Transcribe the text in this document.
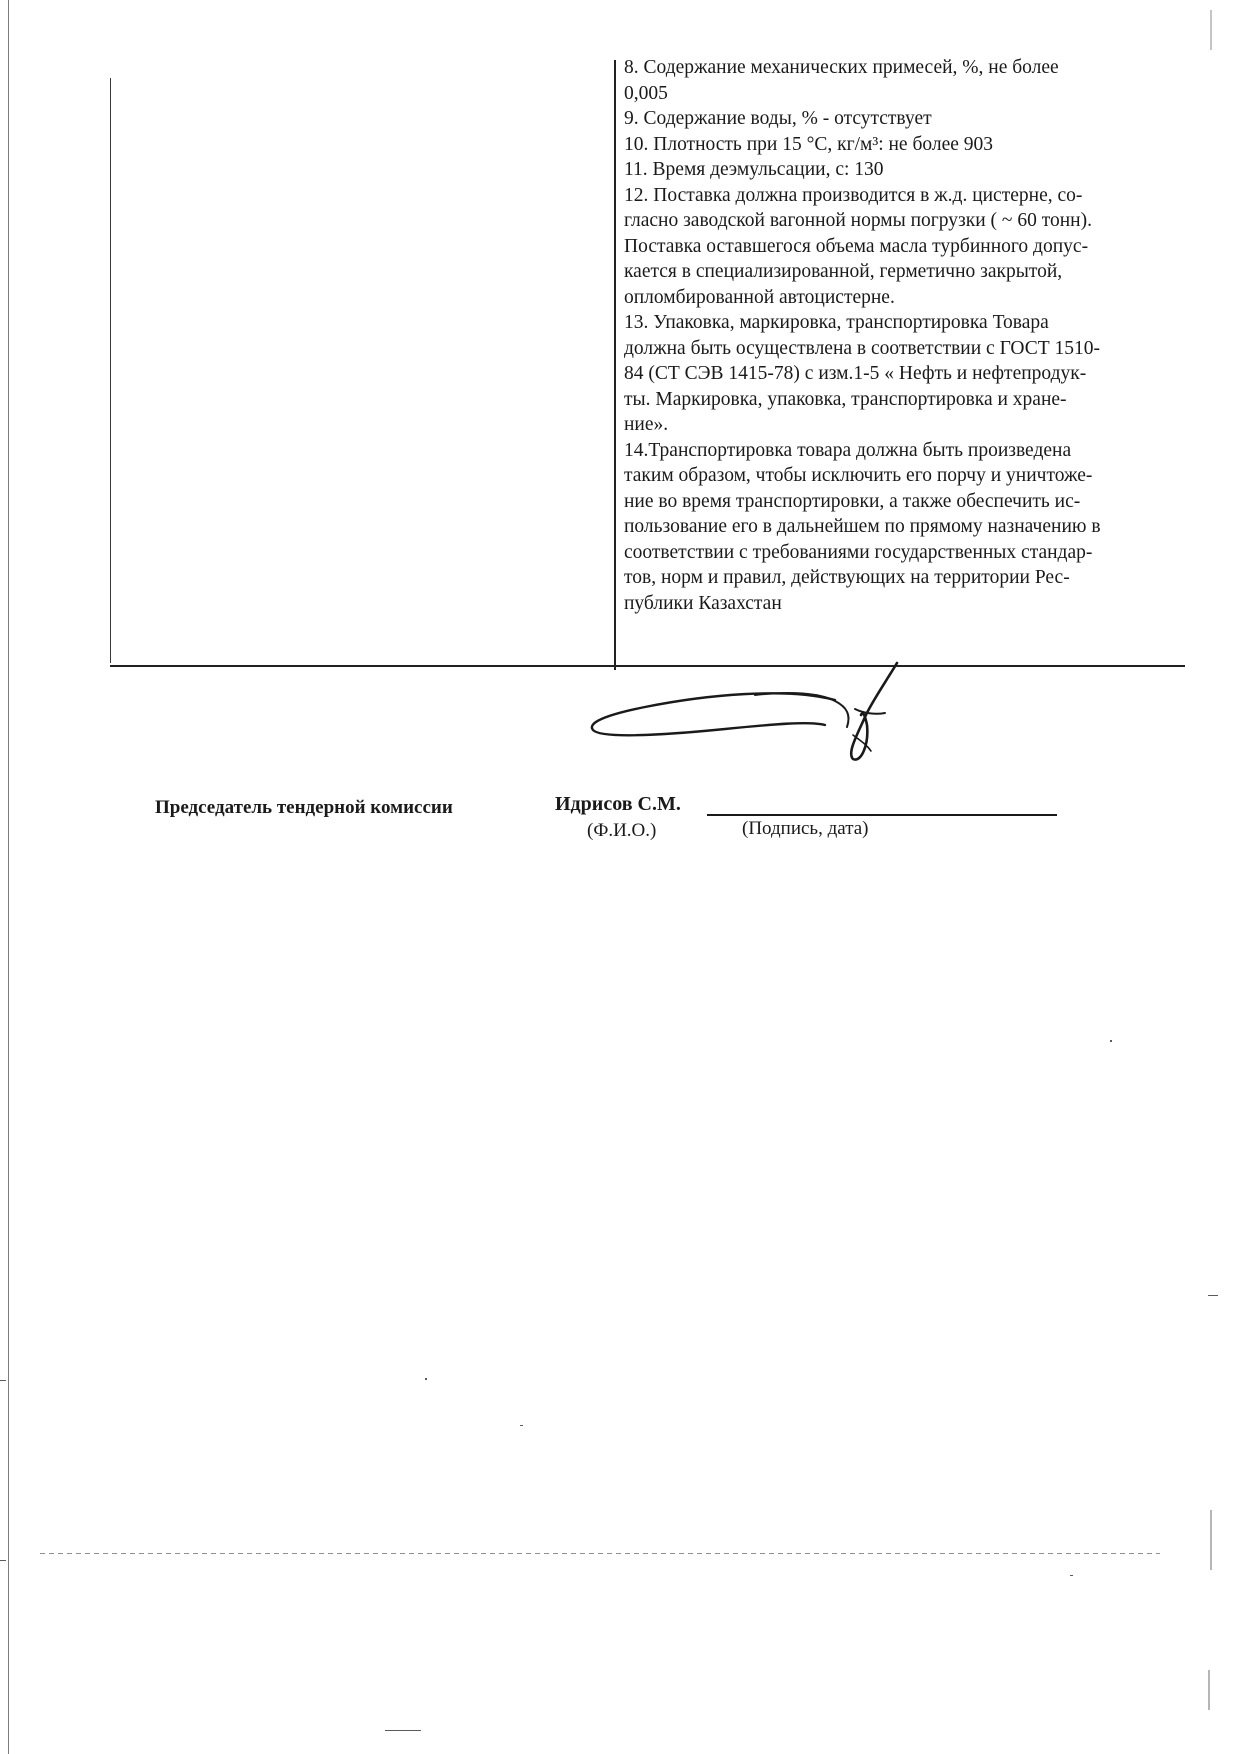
8. Содержание механических примесей, %, не более
0,005
9. Содержание воды, % - отсутствует
10. Плотность при 15 °С, кг/м³: не более 903
11. Время деэмульсации, с: 130
12. Поставка должна производится в ж.д. цистерне, со-
гласно заводской вагонной нормы погрузки ( ~ 60 тонн).
Поставка оставшегося объема масла турбинного допус-
кается в специализированной, герметично закрытой,
опломбированной автоцистерне.
13. Упаковка, маркировка, транспортировка Товара
должна быть осуществлена в соответствии с ГОСТ 1510-
84 (СТ СЭВ 1415-78) с изм.1-5 « Нефть и нефтепродук-
ты. Маркировка, упаковка, транспортировка и хране-
ние».
14.Транспортировка товара должна быть произведена
таким образом, чтобы исключить его порчу и уничтоже-
ние во время транспортировки, а также обеспечить ис-
пользование его в дальнейшем по прямому назначению в
соответствии с требованиями государственных стандар-
тов, норм и правил, действующих на территории Рес-
публики Казахстан
Председатель тендерной комиссии	Идрисов С.М.
(Ф.И.О.)	(Подпись, дата)
